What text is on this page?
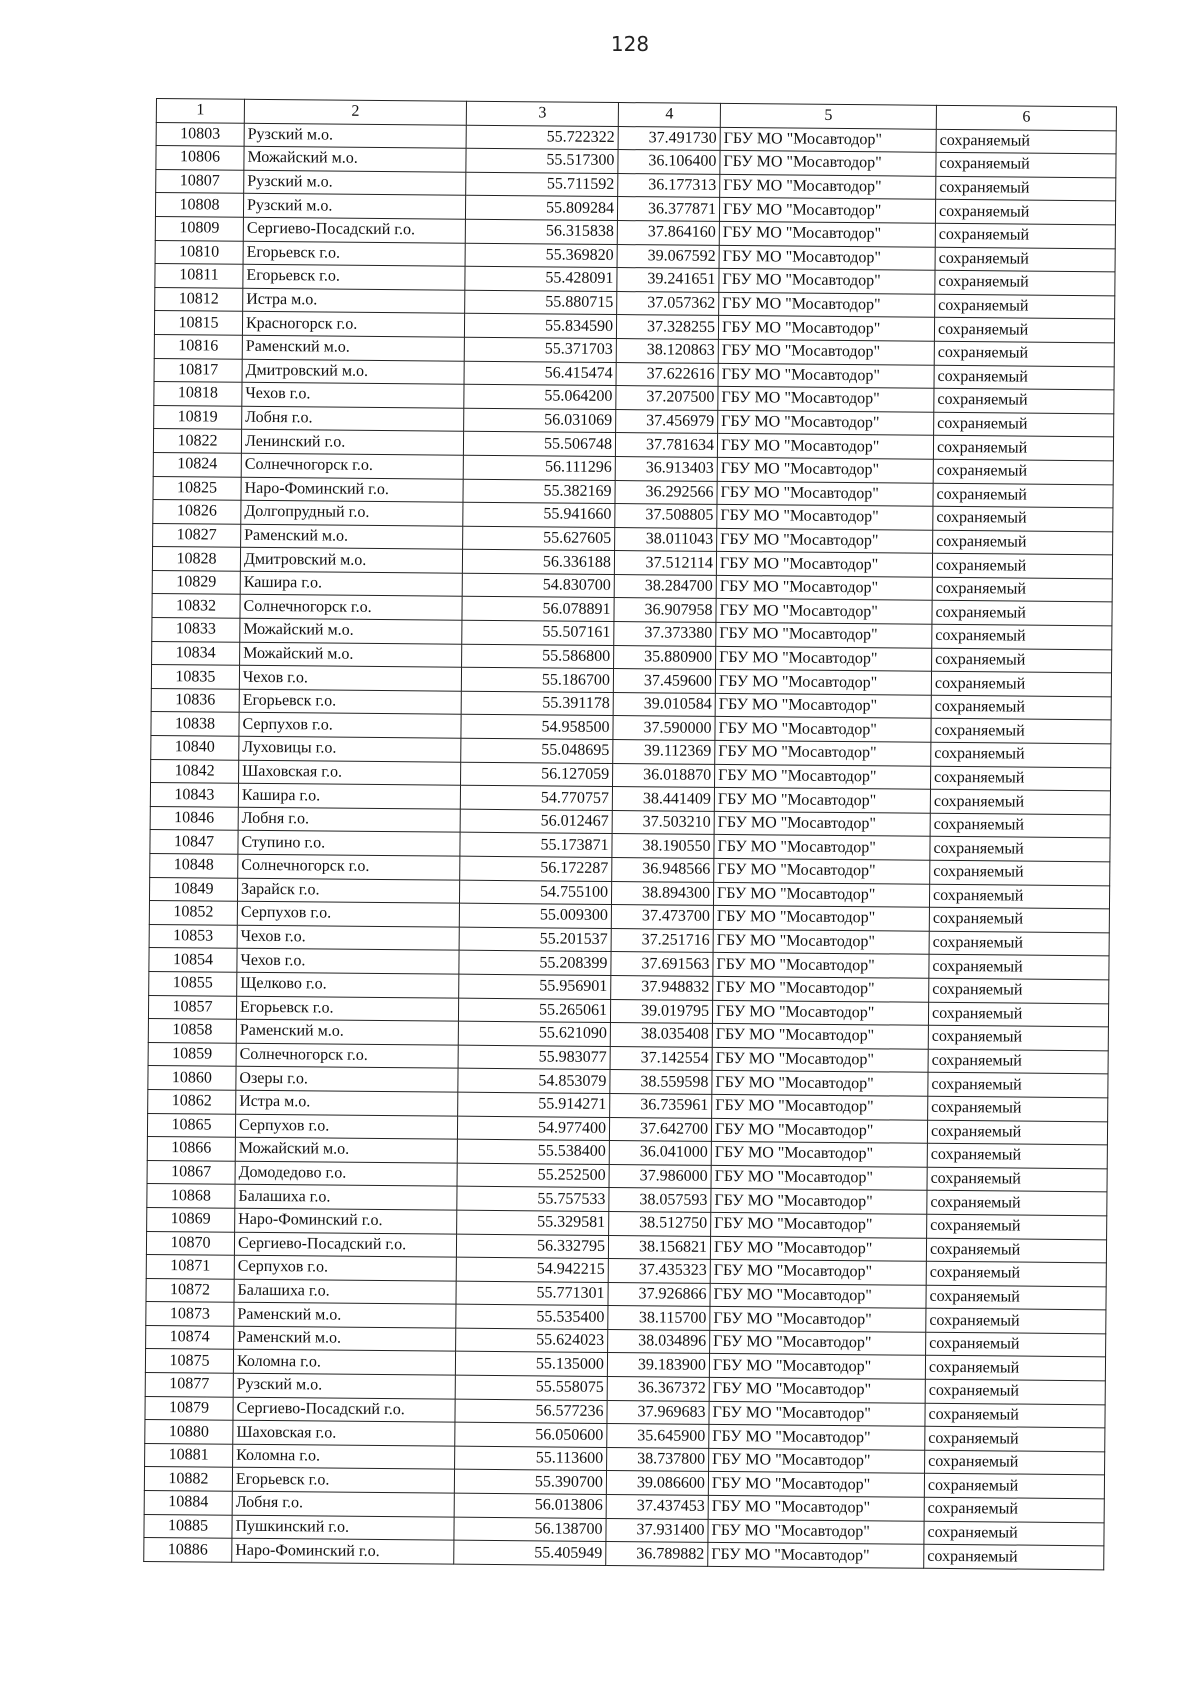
128
1	2	3	4	5	6
10803	Рузский м.о.	55.722322	37.491730	ГБУ МО "Мосавтодор"	сохраняемый
10806	Можайский м.о.	55.517300	36.106400	ГБУ МО "Мосавтодор"	сохраняемый
10807	Рузский м.о.	55.711592	36.177313	ГБУ МО "Мосавтодор"	сохраняемый
10808	Рузский м.о.	55.809284	36.377871	ГБУ МО "Мосавтодор"	сохраняемый
10809	Сергиево-Посадский г.о.	56.315838	37.864160	ГБУ МО "Мосавтодор"	сохраняемый
10810	Егорьевск г.о.	55.369820	39.067592	ГБУ МО "Мосавтодор"	сохраняемый
10811	Егорьевск г.о.	55.428091	39.241651	ГБУ МО "Мосавтодор"	сохраняемый
10812	Истра м.о.	55.880715	37.057362	ГБУ МО "Мосавтодор"	сохраняемый
10815	Красногорск г.о.	55.834590	37.328255	ГБУ МО "Мосавтодор"	сохраняемый
10816	Раменский м.о.	55.371703	38.120863	ГБУ МО "Мосавтодор"	сохраняемый
10817	Дмитровский м.о.	56.415474	37.622616	ГБУ МО "Мосавтодор"	сохраняемый
10818	Чехов г.о.	55.064200	37.207500	ГБУ МО "Мосавтодор"	сохраняемый
10819	Лобня г.о.	56.031069	37.456979	ГБУ МО "Мосавтодор"	сохраняемый
10822	Ленинский г.о.	55.506748	37.781634	ГБУ МО "Мосавтодор"	сохраняемый
10824	Солнечногорск г.о.	56.111296	36.913403	ГБУ МО "Мосавтодор"	сохраняемый
10825	Наро-Фоминский г.о.	55.382169	36.292566	ГБУ МО "Мосавтодор"	сохраняемый
10826	Долгопрудный г.о.	55.941660	37.508805	ГБУ МО "Мосавтодор"	сохраняемый
10827	Раменский м.о.	55.627605	38.011043	ГБУ МО "Мосавтодор"	сохраняемый
10828	Дмитровский м.о.	56.336188	37.512114	ГБУ МО "Мосавтодор"	сохраняемый
10829	Кашира г.о.	54.830700	38.284700	ГБУ МО "Мосавтодор"	сохраняемый
10832	Солнечногорск г.о.	56.078891	36.907958	ГБУ МО "Мосавтодор"	сохраняемый
10833	Можайский м.о.	55.507161	37.373380	ГБУ МО "Мосавтодор"	сохраняемый
10834	Можайский м.о.	55.586800	35.880900	ГБУ МО "Мосавтодор"	сохраняемый
10835	Чехов г.о.	55.186700	37.459600	ГБУ МО "Мосавтодор"	сохраняемый
10836	Егорьевск г.о.	55.391178	39.010584	ГБУ МО "Мосавтодор"	сохраняемый
10838	Серпухов г.о.	54.958500	37.590000	ГБУ МО "Мосавтодор"	сохраняемый
10840	Луховицы г.о.	55.048695	39.112369	ГБУ МО "Мосавтодор"	сохраняемый
10842	Шаховская г.о.	56.127059	36.018870	ГБУ МО "Мосавтодор"	сохраняемый
10843	Кашира г.о.	54.770757	38.441409	ГБУ МО "Мосавтодор"	сохраняемый
10846	Лобня г.о.	56.012467	37.503210	ГБУ МО "Мосавтодор"	сохраняемый
10847	Ступино г.о.	55.173871	38.190550	ГБУ МО "Мосавтодор"	сохраняемый
10848	Солнечногорск г.о.	56.172287	36.948566	ГБУ МО "Мосавтодор"	сохраняемый
10849	Зарайск г.о.	54.755100	38.894300	ГБУ МО "Мосавтодор"	сохраняемый
10852	Серпухов г.о.	55.009300	37.473700	ГБУ МО "Мосавтодор"	сохраняемый
10853	Чехов г.о.	55.201537	37.251716	ГБУ МО "Мосавтодор"	сохраняемый
10854	Чехов г.о.	55.208399	37.691563	ГБУ МО "Мосавтодор"	сохраняемый
10855	Щелково г.о.	55.956901	37.948832	ГБУ МО "Мосавтодор"	сохраняемый
10857	Егорьевск г.о.	55.265061	39.019795	ГБУ МО "Мосавтодор"	сохраняемый
10858	Раменский м.о.	55.621090	38.035408	ГБУ МО "Мосавтодор"	сохраняемый
10859	Солнечногорск г.о.	55.983077	37.142554	ГБУ МО "Мосавтодор"	сохраняемый
10860	Озеры г.о.	54.853079	38.559598	ГБУ МО "Мосавтодор"	сохраняемый
10862	Истра м.о.	55.914271	36.735961	ГБУ МО "Мосавтодор"	сохраняемый
10865	Серпухов г.о.	54.977400	37.642700	ГБУ МО "Мосавтодор"	сохраняемый
10866	Можайский м.о.	55.538400	36.041000	ГБУ МО "Мосавтодор"	сохраняемый
10867	Домодедово г.о.	55.252500	37.986000	ГБУ МО "Мосавтодор"	сохраняемый
10868	Балашиха г.о.	55.757533	38.057593	ГБУ МО "Мосавтодор"	сохраняемый
10869	Наро-Фоминский г.о.	55.329581	38.512750	ГБУ МО "Мосавтодор"	сохраняемый
10870	Сергиево-Посадский г.о.	56.332795	38.156821	ГБУ МО "Мосавтодор"	сохраняемый
10871	Серпухов г.о.	54.942215	37.435323	ГБУ МО "Мосавтодор"	сохраняемый
10872	Балашиха г.о.	55.771301	37.926866	ГБУ МО "Мосавтодор"	сохраняемый
10873	Раменский м.о.	55.535400	38.115700	ГБУ МО "Мосавтодор"	сохраняемый
10874	Раменский м.о.	55.624023	38.034896	ГБУ МО "Мосавтодор"	сохраняемый
10875	Коломна г.о.	55.135000	39.183900	ГБУ МО "Мосавтодор"	сохраняемый
10877	Рузский м.о.	55.558075	36.367372	ГБУ МО "Мосавтодор"	сохраняемый
10879	Сергиево-Посадский г.о.	56.577236	37.969683	ГБУ МО "Мосавтодор"	сохраняемый
10880	Шаховская г.о.	56.050600	35.645900	ГБУ МО "Мосавтодор"	сохраняемый
10881	Коломна г.о.	55.113600	38.737800	ГБУ МО "Мосавтодор"	сохраняемый
10882	Егорьевск г.о.	55.390700	39.086600	ГБУ МО "Мосавтодор"	сохраняемый
10884	Лобня г.о.	56.013806	37.437453	ГБУ МО "Мосавтодор"	сохраняемый
10885	Пушкинский г.о.	56.138700	37.931400	ГБУ МО "Мосавтодор"	сохраняемый
10886	Наро-Фоминский г.о.	55.405949	36.789882	ГБУ МО "Мосавтодор"	сохраняемый
